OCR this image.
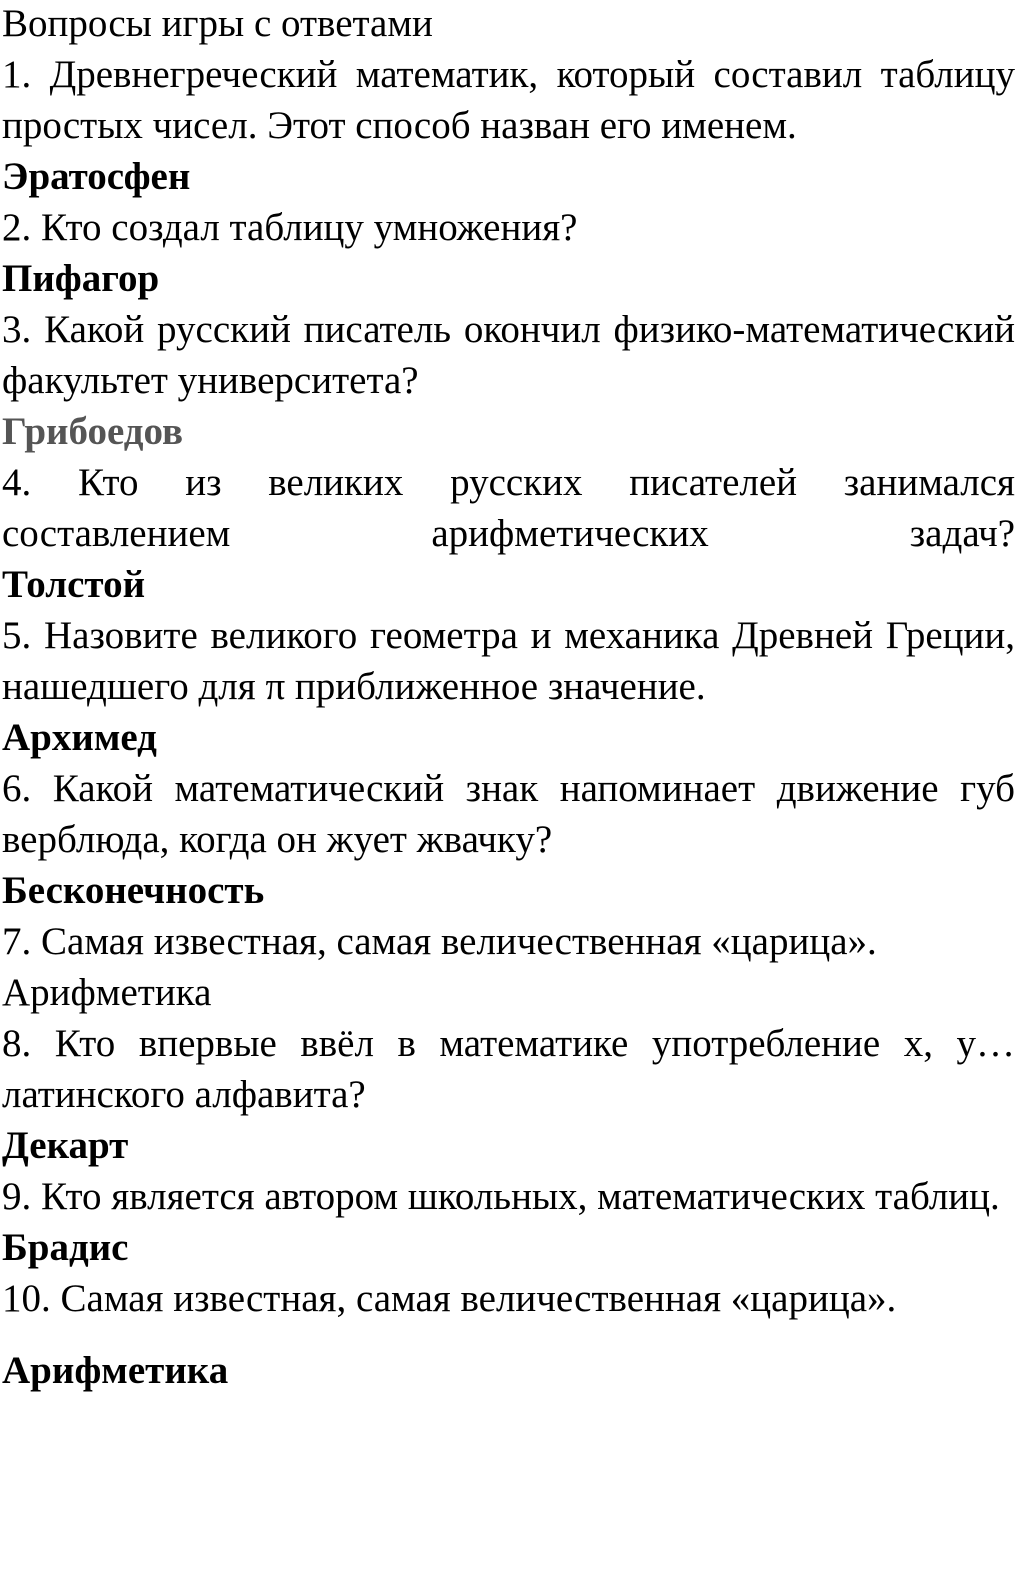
Вопросы игры с ответами

1. Древнегреческий математик, который составил таблицу простых чисел. Этот способ назван его именем.

Эратосфен

2. Кто создал таблицу умножения?

Пифагор

3. Какой русский писатель окончил физико-математический факультет университета?

Грибоедов

4. Кто из великих русских писателей занимался составлением арифметических задач?

Толстой

5. Назовите великого геометра и механика Древней Греции, нашедшего для π приближенное значение.

Архимед

6. Какой математический знак напоминает движение губ верблюда, когда он жует жвачку?

Бесконечность

7. Самая известная, самая величественная «царица».

Арифметика

8. Кто впервые ввёл в математике употребление x, y… латинского алфавита?

Декарт

9. Кто является автором школьных, математических таблиц.

Брадис

10. Самая известная, самая величественная «царица».

Арифметика
